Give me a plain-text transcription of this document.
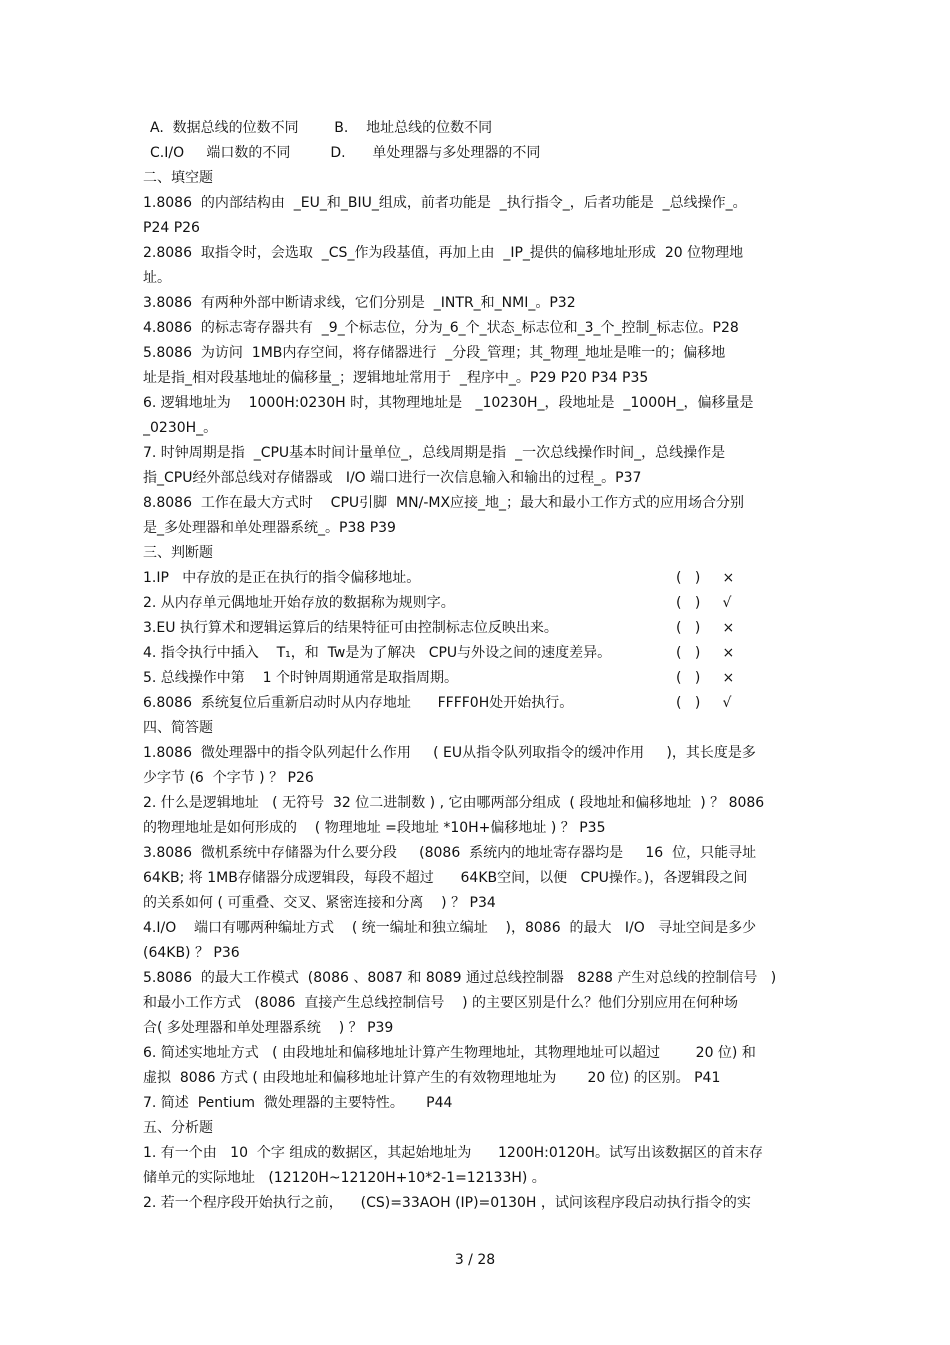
A.  数据总线的位数不同        B.    地址总线的位数不同
C.I/O     端口数的不同         D.      单处理器与多处理器的不同
二、填空题
1.8086  的内部结构由  _EU_和_BIU_组成，前者功能是  _执行指令_，后者功能是  _总线操作_。
P24 P26
2.8086  取指令时，会选取  _CS_作为段基值，再加上由  _IP_提供的偏移地址形成  20 位物理地
址。
3.8086  有两种外部中断请求线，它们分别是  _INTR_和_NMI_。P32
4.8086  的标志寄存器共有  _9_个标志位，分为_6_个_状态_标志位和_3_个_控制_标志位。P28
5.8086  为访问  1MB内存空间，将存储器进行  _分段_管理；其_物理_地址是唯一的；偏移地
址是指_相对段基地址的偏移量_；逻辑地址常用于  _程序中_。P29 P20 P34 P35
6. 逻辑地址为    1000H:0230H 时，其物理地址是   _10230H_，段地址是  _1000H_，偏移量是
_0230H_。
7. 时钟周期是指  _CPU基本时间计量单位_，总线周期是指  _一次总线操作时间_，总线操作是
指_CPU经外部总线对存储器或   I/O 端口进行一次信息输入和输出的过程_。P37
8.8086  工作在最大方式时    CPU引脚  MN/-MX应接_地_；最大和最小工作方式的应用场合分别
是_多处理器和单处理器系统_。P38 P39
三、判断题
1.IP   中存放的是正在执行的指令偏移地址。
2. 从内存单元偶地址开始存放的数据称为规则字。
3.EU 执行算术和逻辑运算后的结果特征可由控制标志位反映出来。
4. 指令执行中插入    T₁，和  Tw是为了解决   CPU与外设之间的速度差异。
5. 总线操作中第    1 个时钟周期通常是取指周期。
6.8086  系统复位后重新启动时从内存地址      FFFF0H处开始执行。
四、简答题
1.8086  微处理器中的指令队列起什么作用     ( EU从指令队列取指令的缓冲作用     )，其长度是多
少字节 (6  个字节 ) ？ P26
2. 什么是逻辑地址   ( 无符号  32 位二进制数 ) , 它由哪两部分组成  ( 段地址和偏移地址  ) ？ 8086
的物理地址是如何形成的    ( 物理地址 =段地址 *10H+偏移地址 ) ？ P35
3.8086  微机系统中存储器为什么要分段     (8086  系统内的地址寄存器均是     16  位，只能寻址
64KB; 将 1MB存储器分成逻辑段，每段不超过      64KB空间，以便   CPU操作。)，各逻辑段之间
的关系如何 ( 可重叠、交叉、紧密连接和分离    ) ？ P34
4.I/O    端口有哪两种编址方式    ( 统一编址和独立编址    )，8086  的最大   I/O   寻址空间是多少
(64KB) ？ P36
5.8086  的最大工作模式  (8086 、8087 和 8089 通过总线控制器   8288 产生对总线的控制信号   )
和最小工作方式   (8086  直接产生总线控制信号    ) 的主要区别是什么？他们分别应用在何种场
合( 多处理器和单处理器系统    ) ？ P39
6. 简述实地址方式   ( 由段地址和偏移地址计算产生物理地址，其物理地址可以超过        20 位) 和
虚拟  8086 方式 ( 由段地址和偏移地址计算产生的有效物理地址为       20 位) 的区别。 P41
7. 简述  Pentium  微处理器的主要特性。     P44
五、分析题
1. 有一个由   10  个字 组成的数据区，其起始地址为      1200H:0120H。试写出该数据区的首末存
储单元的实际地址   (12120H~12120H+10*2-1=12133H) 。
2. 若一个程序段开始执行之前，    (CS)=33AOH (IP)=0130H ，试问该程序段启动执行指令的实
(   )     ×
(   )     √
(   )     ×
(   )     ×
(   )     ×
(   )     √
3 / 28
